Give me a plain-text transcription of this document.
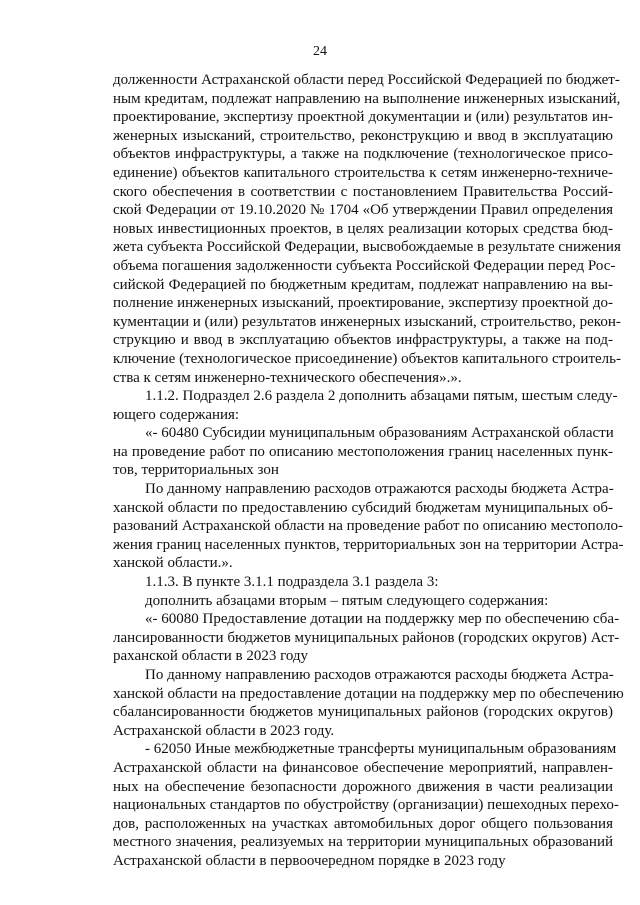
24
долженности Астраханской области перед Российской Федерацией по бюджет-
ным кредитам, подлежат направлению на выполнение инженерных изысканий,
проектирование, экспертизу проектной документации и (или) результатов ин-
женерных изысканий, строительство, реконструкцию и ввод в эксплуатацию
объектов инфраструктуры, а также на подключение (технологическое присо-
единение) объектов капитального строительства к сетям инженерно-техниче-
ского обеспечения в соответствии с постановлением Правительства Россий-
ской Федерации от 19.10.2020 № 1704 «Об утверждении Правил определения
новых инвестиционных проектов, в целях реализации которых средства бюд-
жета субъекта Российской Федерации, высвобождаемые в результате снижения
объема погашения задолженности субъекта Российской Федерации перед Рос-
сийской Федерацией по бюджетным кредитам, подлежат направлению на вы-
полнение инженерных изысканий, проектирование, экспертизу проектной до-
кументации и (или) результатов инженерных изысканий, строительство, рекон-
струкцию и ввод в эксплуатацию объектов инфраструктуры, а также на под-
ключение (технологическое присоединение) объектов капитального строитель-
ства к сетям инженерно-технического обеспечения».».
1.1.2. Подраздел 2.6 раздела 2 дополнить абзацами пятым, шестым следу-
ющего содержания:
«- 60480 Субсидии муниципальным образованиям Астраханской области
на проведение работ по описанию местоположения границ населенных пунк-
тов, территориальных зон
По данному направлению расходов отражаются расходы бюджета Астра-
ханской области по предоставлению субсидий бюджетам муниципальных об-
разований Астраханской области на проведение работ по описанию местополо-
жения границ населенных пунктов, территориальных зон на территории Астра-
ханской области.».
1.1.3. В пункте 3.1.1 подраздела 3.1 раздела 3:
дополнить абзацами вторым – пятым следующего содержания:
«- 60080 Предоставление дотации на поддержку мер по обеспечению сба-
лансированности бюджетов муниципальных районов (городских округов) Аст-
раханской области в 2023 году
По данному направлению расходов отражаются расходы бюджета Астра-
ханской области на предоставление дотации на поддержку мер по обеспечению
сбалансированности бюджетов муниципальных районов (городских округов)
Астраханской области в 2023 году.
- 62050 Иные межбюджетные трансферты муниципальным образованиям
Астраханской области на финансовое обеспечение мероприятий, направлен-
ных на обеспечение безопасности дорожного движения в части реализации
национальных стандартов по обустройству (организации) пешеходных перехо-
дов, расположенных на участках автомобильных дорог общего пользования
местного значения, реализуемых на территории муниципальных образований
Астраханской области в первоочередном порядке в 2023 году
